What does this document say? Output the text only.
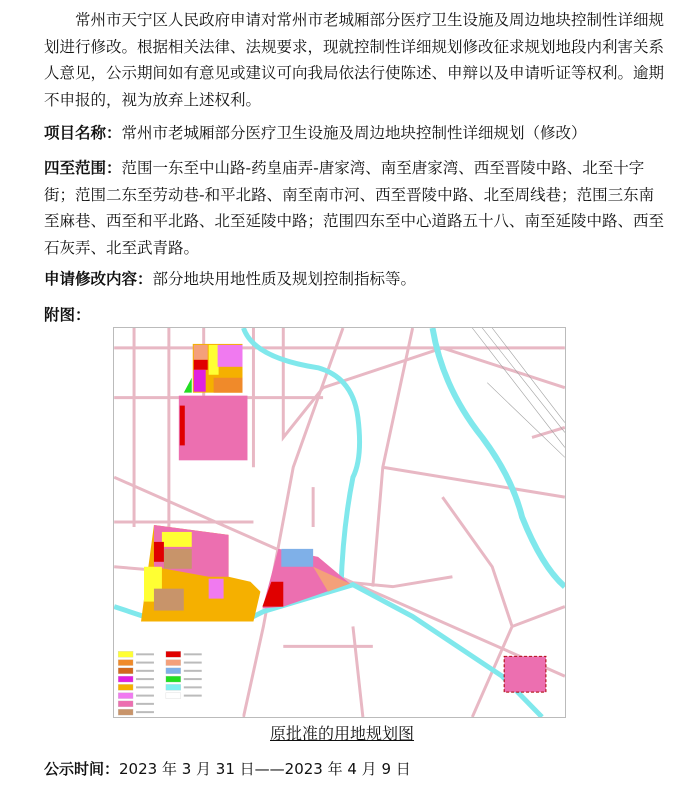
常州市天宁区人民政府申请对常州市老城厢部分医疗卫生设施及周边地块控制性详细规划进行修改。根据相关法律、法规要求，现就控制性详细规划修改征求规划地段内利害关系人意见，公示期间如有意见或建议可向我局依法行使陈述、申辩以及申请听证等权利。逾期不申报的，视为放弃上述权利。

项目名称：常州市老城厢部分医疗卫生设施及周边地块控制性详细规划（修改）

四至范围：范围一东至中山路-药皇庙弄-唐家湾、南至唐家湾、西至晋陵中路、北至十字街；范围二东至劳动巷-和平北路、南至南市河、西至晋陵中路、北至周线巷；范围三东南至麻巷、西至和平北路、北至延陵中路；范围四东至中心道路五十八、南至延陵中路、西至石灰弄、北至武青路。

申请修改内容：部分地块用地性质及规划控制指标等。

附图：

原批准的用地规划图
公示时间：2023 年 3 月 31 日——2023 年 4 月 9 日
